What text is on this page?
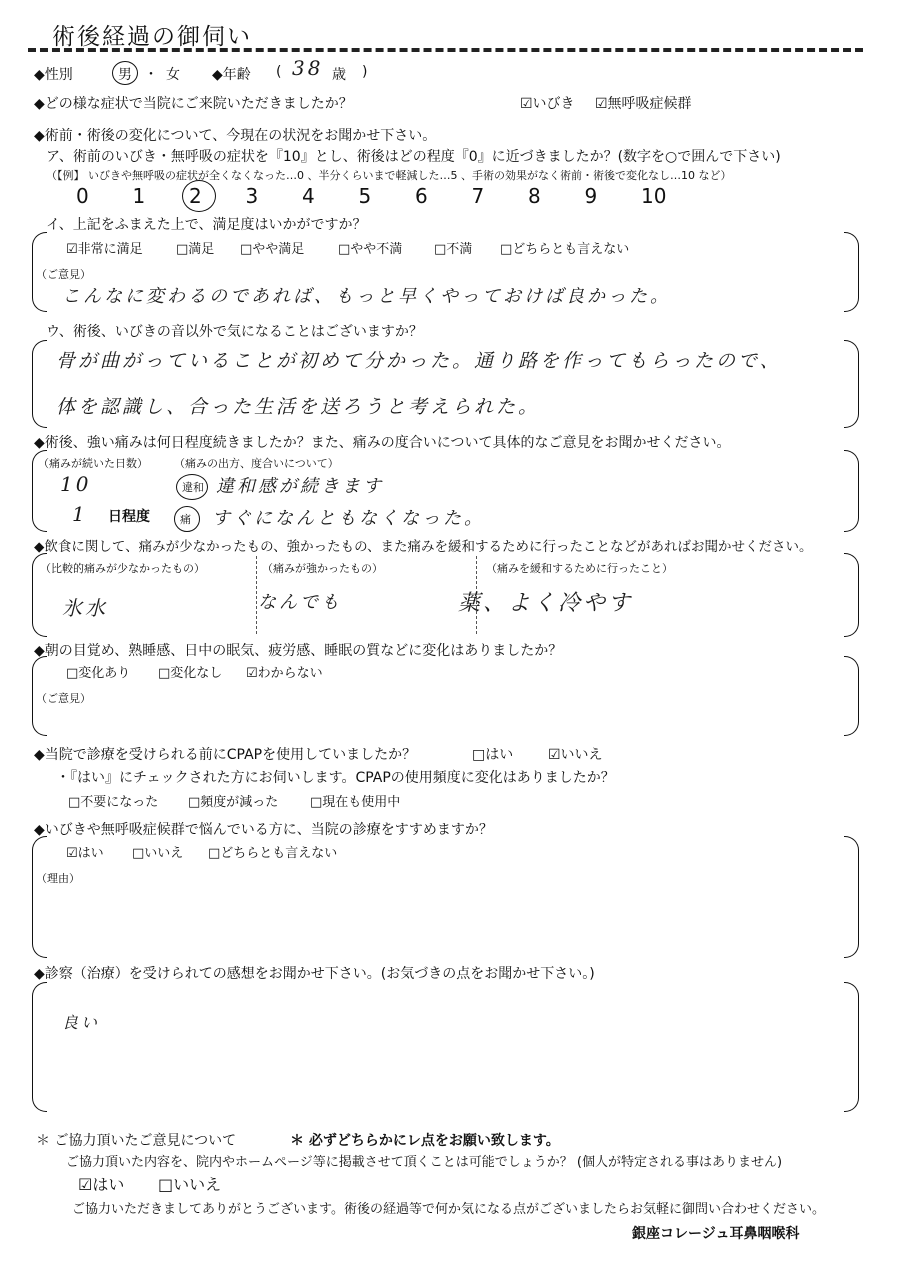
術後経過の御伺い
◆性別	男 ・ 女 ◆年齢 ( 38 歳 )
◆どの様な症状で当院にご来院いただきましたか？	☑いびき ☑無呼吸症候群
◆術前・術後の変化について、今現在の状況をお聞かせ下さい。
ア、術前のいびき・無呼吸の症状を『10』とし、術後はどの程度『0』に近づきましたか？(数字を○で囲んで下さい)
（【例】 いびきや無呼吸の症状が全くなくなった…0 、半分くらいまで軽減した…5 、手術の効果がなく術前・術後で変化なし…10 など）
0 1 2 3 4 5 6 7 8 9 10
イ、上記をふまえた上で、満足度はいかがですか？
☑非常に満足	□満足 □やや満足	□やや不満 □不満 □どちらとも言えない
（ご意見）
こんなに変わるのであれば、もっと早くやっておけば良かった。
ウ、術後、いびきの音以外で気になることはございますか？
骨が曲がっていることが初めて分かった。通り路を作ってもらったので、
体を認識し、合った生活を送ろうと考えられた。
◆術後、強い痛みは何日程度続きましたか？また、痛みの度合いについて具体的なご意見をお聞かせください。
（痛みが続いた日数） （痛みの出方、度合いについて）
10	違和 違和感が続きます
1 日程度	痛 すぐになんともなくなった。
◆飲食に関して、痛みが少なかったもの、強かったもの、また痛みを緩和するために行ったことなどがあればお聞かせください。
（比較的痛みが少なかったもの）	（痛みが強かったもの）	（痛みを緩和するために行ったこと）
氷水	なんでも	薬、よく冷やす
◆朝の目覚め、熟睡感、日中の眠気、疲労感、睡眠の質などに変化はありましたか？
□変化あり □変化なし ☑わからない
（ご意見）
◆当院で診療を受けられる前にCPAPを使用していましたか？	□はい ☑いいえ
・『はい』にチェックされた方にお伺いします。CPAPの使用頻度に変化はありましたか？
□不要になった □頻度が減った □現在も使用中
◆いびきや無呼吸症候群で悩んでいる方に、当院の診療をすすめますか？
☑はい □いいえ □どちらとも言えない
（理由）
◆診察（治療）を受けられての感想をお聞かせ下さい。(お気づきの点をお聞かせ下さい。)
良い
＊ ご協力頂いたご意見について	＊ 必ずどちらかにレ点をお願い致します。
ご協力頂いた内容を、院内やホームページ等に掲載させて頂くことは可能でしょうか？ (個人が特定される事はありません)
☑はい □いいえ
ご協力いただきましてありがとうございます。術後の経過等で何か気になる点がございましたらお気軽に御問い合わせください。
銀座コレージュ耳鼻咽喉科
